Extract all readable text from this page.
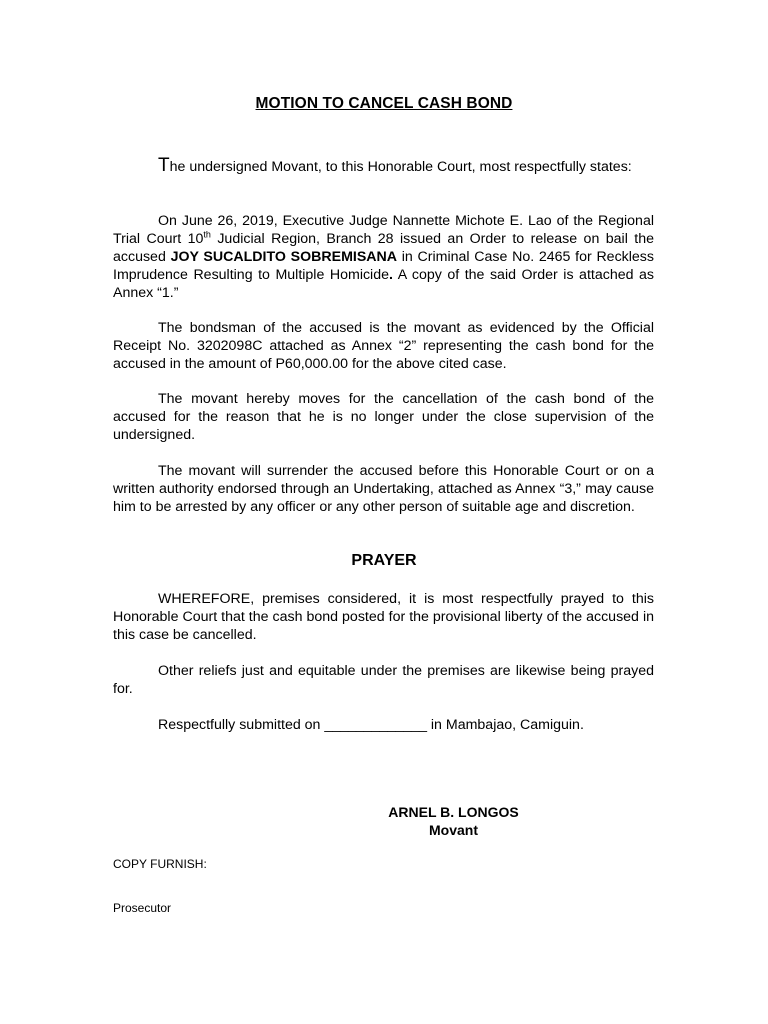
MOTION TO CANCEL CASH BOND
The undersigned Movant, to this Honorable Court, most respectfully states:
On June 26, 2019, Executive Judge Nannette Michote E. Lao of the Regional Trial Court 10th Judicial Region, Branch 28 issued an Order to release on bail the accused JOY SUCALDITO SOBREMISANA in Criminal Case No. 2465 for Reckless Imprudence Resulting to Multiple Homicide. A copy of the said Order is attached as Annex “1.”
The bondsman of the accused is the movant as evidenced by the Official Receipt No. 3202098C attached as Annex “2” representing the cash bond for the accused in the amount of P60,000.00 for the above cited case.
The movant hereby moves for the cancellation of the cash bond of the accused for the reason that he is no longer under the close supervision of the undersigned.
The movant will surrender the accused before this Honorable Court or on a written authority endorsed through an Undertaking, attached as Annex “3,” may cause him to be arrested by any officer or any other person of suitable age and discretion.
PRAYER
WHEREFORE, premises considered, it is most respectfully prayed to this Honorable Court that the cash bond posted for the provisional liberty of the accused in this case be cancelled.
Other reliefs just and equitable under the premises are likewise being prayed for.
Respectfully submitted on _____________ in Mambajao, Camiguin.
ARNEL B. LONGOS
Movant
COPY FURNISH:
Prosecutor
